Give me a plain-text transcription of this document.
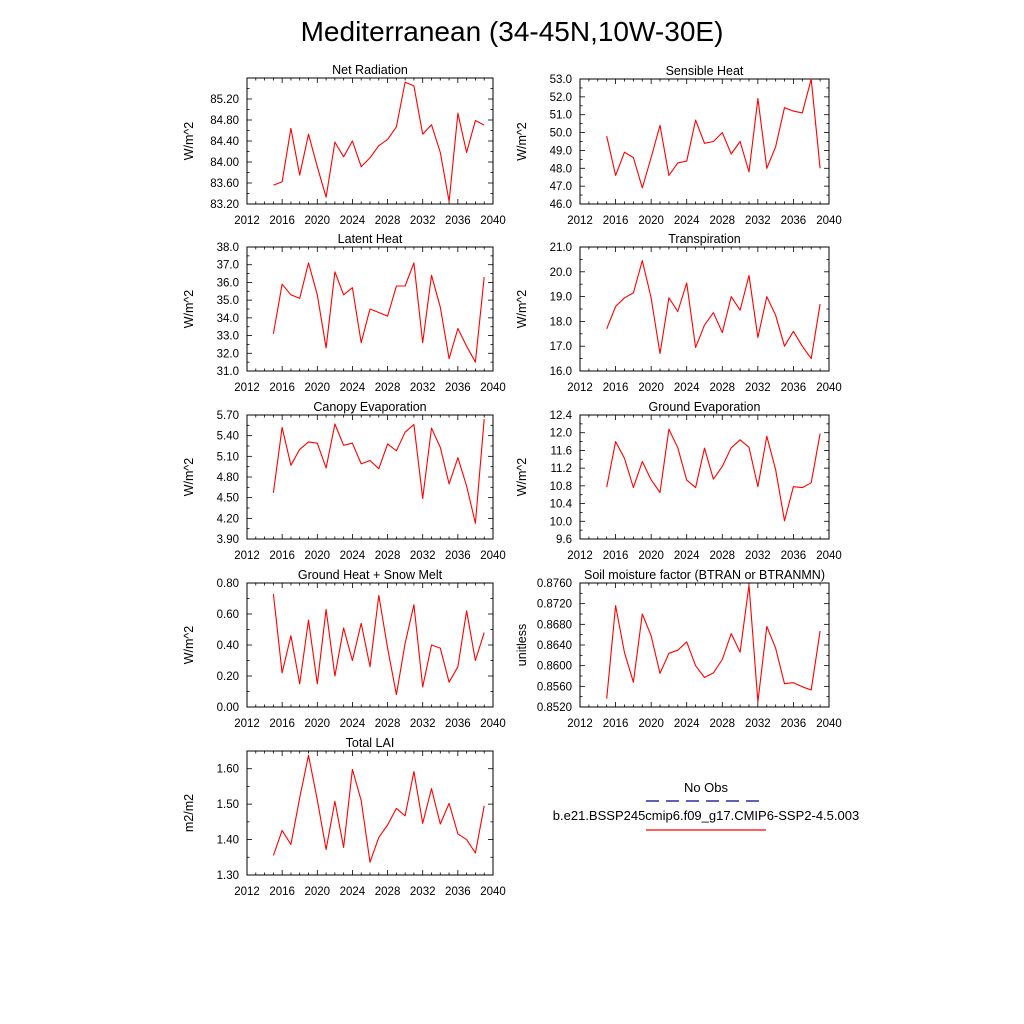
Mediterranean (34-45N,10W-30E)
Net Radiation
2012 2016 2020 2024 2028 2032 2036 2040
83.20
83.60
84.00
84.40
84.80
85.20
W/m^2
Sensible Heat
2012 2016 2020 2024 2028 2032 2036 2040
46.0
47.0
48.0
49.0
50.0
51.0
52.0
53.0
W/m^2
Latent Heat
2012 2016 2020 2024 2028 2032 2036 2040
31.0
32.0
33.0
34.0
35.0
36.0
37.0
38.0
W/m^2
Transpiration
2012 2016 2020 2024 2028 2032 2036 2040
16.0
17.0
18.0
19.0
20.0
21.0
W/m^2
Canopy Evaporation
2012 2016 2020 2024 2028 2032 2036 2040
3.90
4.20
4.50
4.80
5.10
5.40
5.70
W/m^2
Ground Evaporation
2012 2016 2020 2024 2028 2032 2036 2040
9.6
10.0
10.4
10.8
11.2
11.6
12.0
12.4
W/m^2
Ground Heat + Snow Melt
2012 2016 2020 2024 2028 2032 2036 2040
0.00
0.20
0.40
0.60
0.80
W/m^2
Soil moisture factor (BTRAN or BTRANMN)
2012 2016 2020 2024 2028 2032 2036 2040
0.8520
0.8560
0.8600
0.8640
0.8680
0.8720
0.8760
unitless
Total LAI
2012 2016 2020 2024 2028 2032 2036 2040
1.30
1.40
1.50
1.60
m2/m2
No Obs
b.e21.BSSP245cmip6.f09_g17.CMIP6-SSP2-4.5.003
